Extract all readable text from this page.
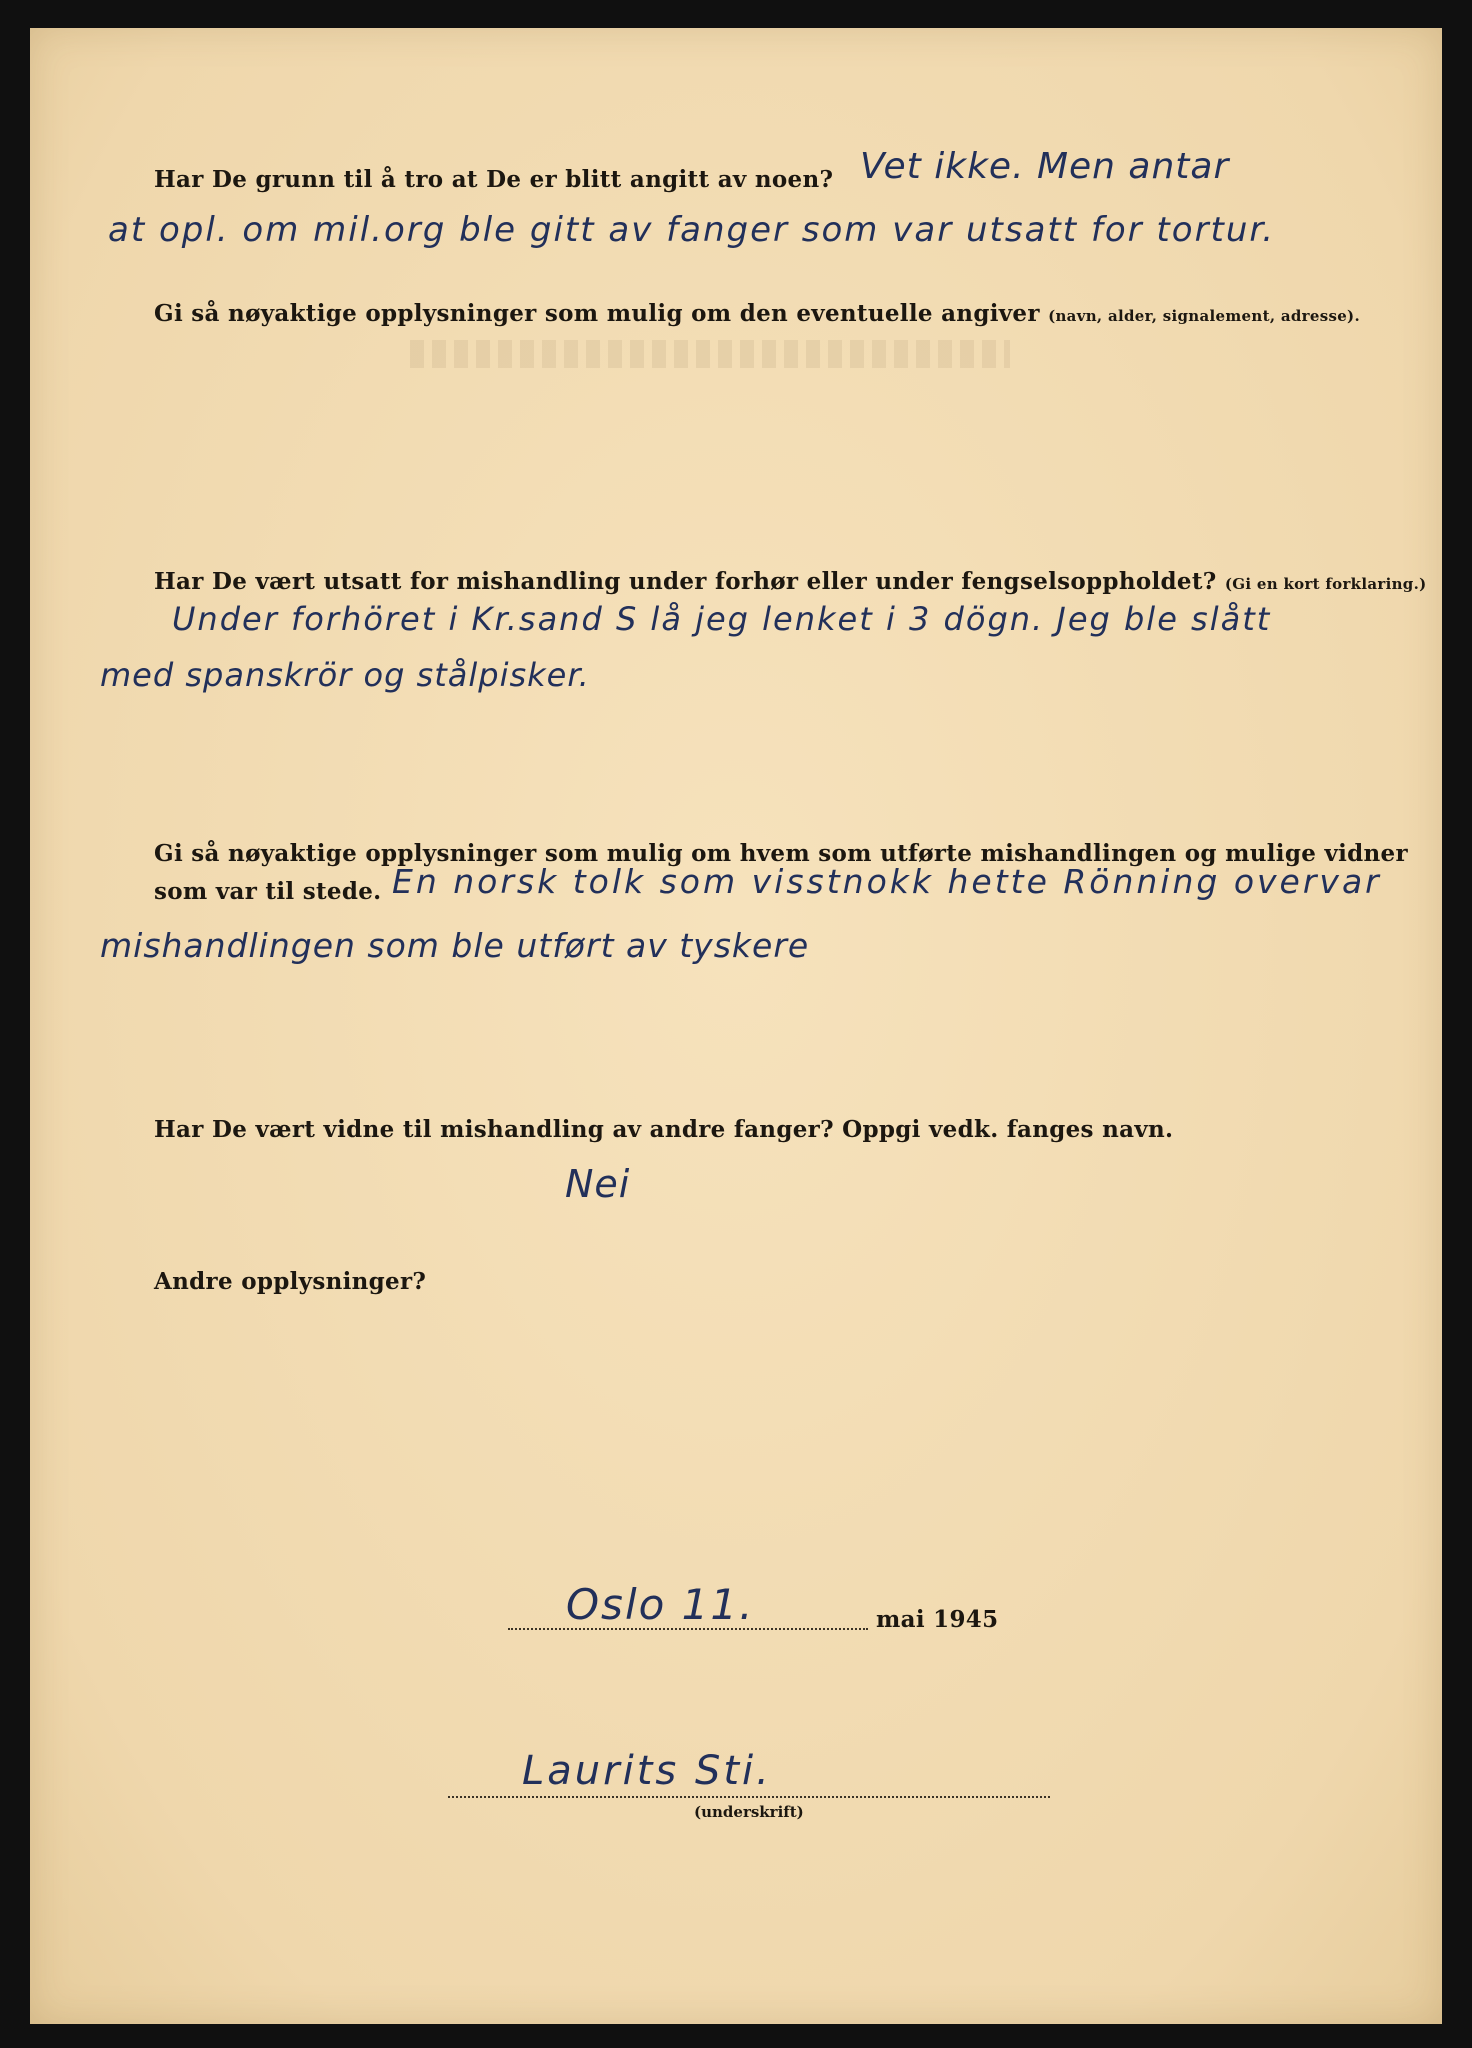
Har De grunn til å tro at De er blitt angitt av noen? Vet ikke. Men antar
at opl. om mil.org ble gitt av fanger som var utsatt for tortur.
Gi så nøyaktige opplysninger som mulig om den eventuelle angiver (navn, alder, signalement, adresse).
Har De vært utsatt for mishandling under forhør eller under fengselsoppholdet? (Gi en kort forklaring.)
Under forhöret i Kr.sand S lå jeg lenket i 3 dögn. Jeg ble slått
med spanskrör og stålpisker.
Gi så nøyaktige opplysninger som mulig om hvem som utførte mishandlingen og mulige vidner
som var til stede. En norsk tolk som visstnokk hette Rönning overvar
mishandlingen som ble utført av tyskere
Har De vært vidne til mishandling av andre fanger? Oppgi vedk. fanges navn.
Nei
Andre opplysninger?
Oslo 11.	mai 1945
Laurits Sti.
(underskrift)
